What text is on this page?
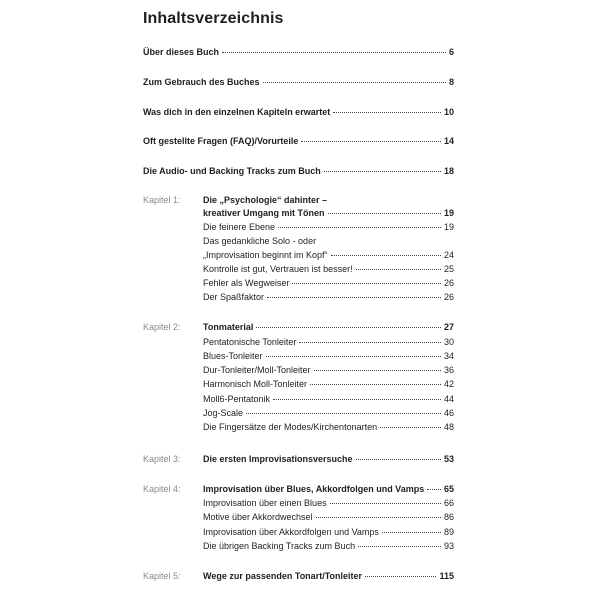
Inhaltsverzeichnis
Über dieses Buch	6
Zum Gebrauch des Buches	8
Was dich in den einzelnen Kapiteln erwartet	10
Oft gestellte Fragen (FAQ)/Vorurteile	14
Die Audio- und Backing Tracks zum Buch	18
Kapitel 1: Die „Psychologie“ dahinter –
kreativer Umgang mit Tönen	19
Die feinere Ebene	19
Das gedankliche Solo - oder
„Improvisation beginnt im Kopf“	24
Kontrolle ist gut, Vertrauen ist besser!	25
Fehler als Wegweiser	26
Der Spaßfaktor	26
Kapitel 2: Tonmaterial	27
Pentatonische Tonleiter	30
Blues-Tonleiter	34
Dur-Tonleiter/Moll-Tonleiter	36
Harmonisch Moll-Tonleiter	42
Moll6-Pentatonik	44
Jog-Scale	46
Die Fingersätze der Modes/Kirchentonarten	48
Kapitel 3: Die ersten Improvisationsversuche	53
Kapitel 4: Improvisation über Blues, Akkordfolgen und Vamps 65
Improvisation über einen Blues	66
Motive über Akkordwechsel	86
Improvisation über Akkordfolgen und Vamps	89
Die übrigen Backing Tracks zum Buch	93
Kapitel 5: Wege zur passenden Tonart/Tonleiter	115
